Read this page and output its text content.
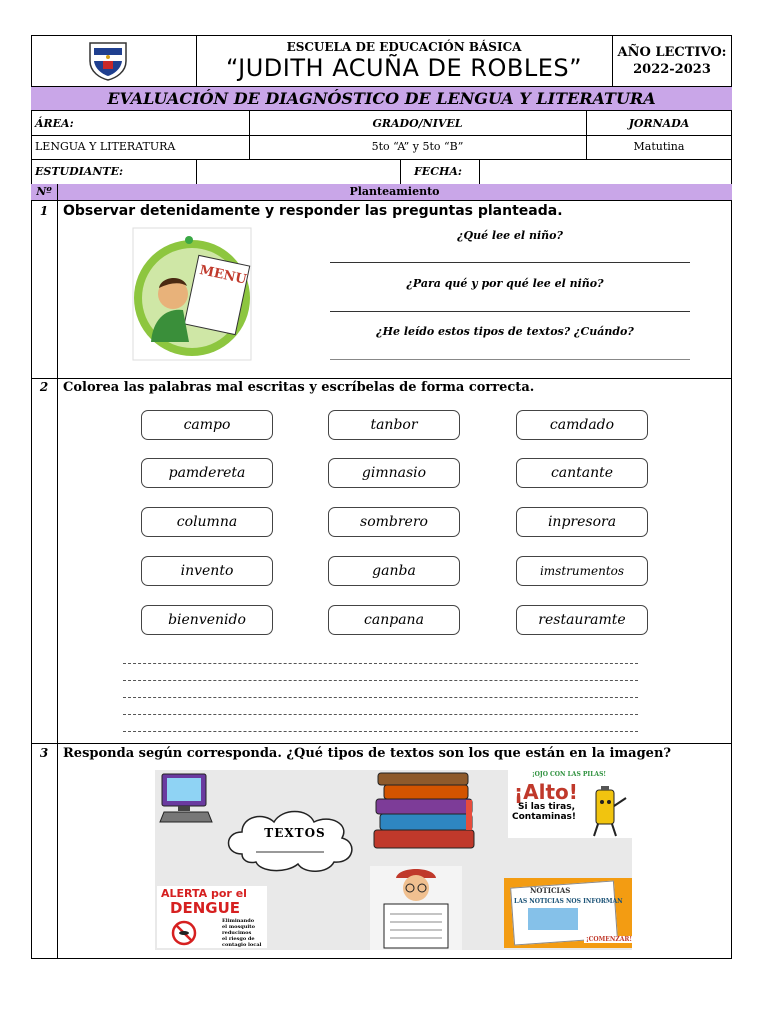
ESCUELA DE EDUCACIÓN BÁSICA
“JUDITH ACUÑA DE ROBLES”
AÑO LECTIVO:
2022-2023
EVALUACIÓN DE DIAGNÓSTICO DE LENGUA Y LITERATURA
ÁREA:	GRADO/NIVEL	JORNADA
LENGUA Y LITERATURA	5to “A” y 5to “B”	Matutina
ESTUDIANTE:	FECHA:
Nº	Planteamiento
1	Observar detenidamente y responder las preguntas planteada.
MENU
¿Qué lee el niño?
¿Para qué y por qué lee el niño?
¿He leído estos tipos de textos? ¿Cuándo?
2	Colorea las palabras mal escritas y escríbelas de forma correcta.
campo	tanbor	camdado
pamdereta	gimnasio	cantante
columna	sombrero	inpresora
invento	ganba	imstrumentos
bienvenido	canpana	restauramte
3	Responda según corresponda. ¿Qué tipos de textos son los que están en la imagen?
TEXTOS
¡OJO CON LAS PILAS!
¡Alto!
Si las tiras,
Contaminas!
ALERTA por el
DENGUE
Eliminando
el mosquito
reducimos
el riesgo de
contagio local
NOTICIAS
LAS NOTICIAS NOS INFORMAN
¡COMENZAR!
